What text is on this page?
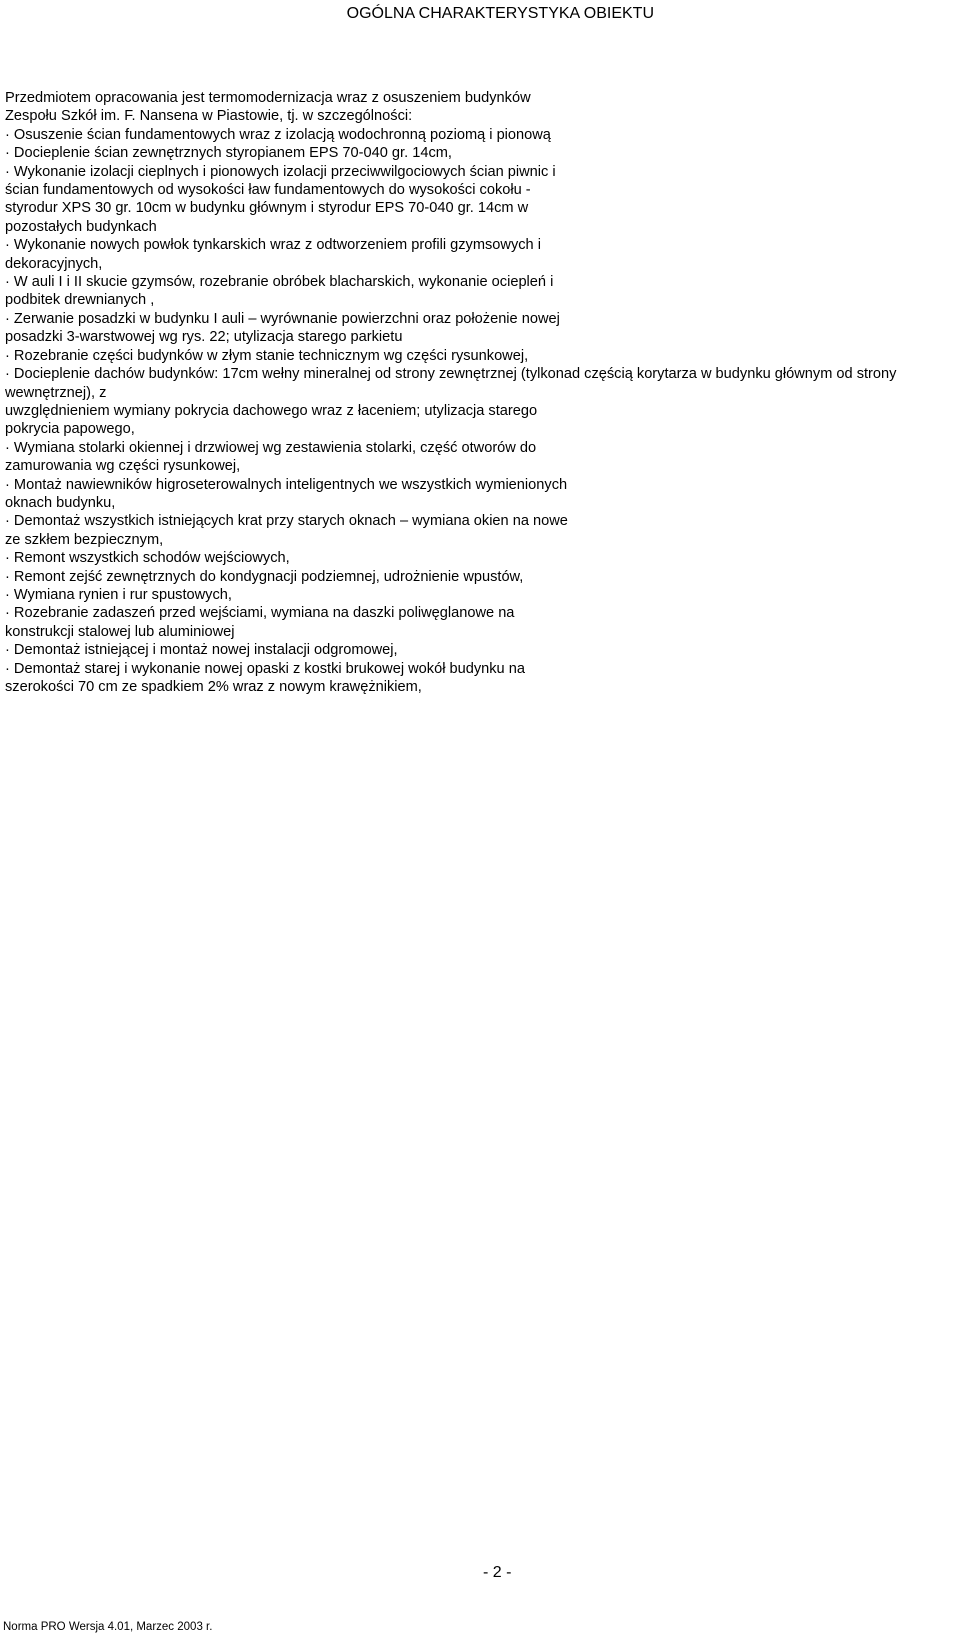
OGÓLNA CHARAKTERYSTYKA OBIEKTU

Przedmiotem opracowania jest termomodernizacja wraz z osuszeniem budynków

Zespołu Szkół im. F. Nansena w Piastowie, tj. w szczególności:

· Osuszenie ścian fundamentowych wraz z izolacją wodochronną poziomą i pionową

· Docieplenie ścian zewnętrznych styropianem EPS 70-040 gr. 14cm,

· Wykonanie izolacji cieplnych i pionowych izolacji przeciwwilgociowych ścian piwnic i

ścian fundamentowych od wysokości ław fundamentowych do wysokości cokołu -

styrodur XPS 30 gr. 10cm w budynku głównym i styrodur EPS 70-040 gr. 14cm w

pozostałych budynkach

· Wykonanie nowych powłok tynkarskich wraz z odtworzeniem profili gzymsowych i

dekoracyjnych,

· W auli I i II skucie gzymsów, rozebranie obróbek blacharskich, wykonanie ociepleń i

podbitek drewnianych ,

· Zerwanie posadzki w budynku I auli – wyrównanie powierzchni oraz położenie nowej

posadzki 3-warstwowej wg rys. 22; utylizacja starego parkietu

· Rozebranie części budynków w złym stanie technicznym wg części rysunkowej,

· Docieplenie dachów budynków: 17cm wełny mineralnej od strony zewnętrznej (tylkonad częścią korytarza w budynku głównym od strony

wewnętrznej), z

uwzględnieniem wymiany pokrycia dachowego wraz z łaceniem; utylizacja starego

pokrycia papowego,

· Wymiana stolarki okiennej i drzwiowej wg zestawienia stolarki, część otworów do

zamurowania wg części rysunkowej,

· Montaż nawiewników higroseterowalnych inteligentnych we wszystkich wymienionych

oknach budynku,

· Demontaż wszystkich istniejących krat przy starych oknach – wymiana okien na nowe

ze szkłem bezpiecznym,

· Remont wszystkich schodów wejściowych,

· Remont zejść zewnętrznych do kondygnacji podziemnej, udrożnienie wpustów,

· Wymiana rynien i rur spustowych,

· Rozebranie zadaszeń przed wejściami, wymiana na daszki poliwęglanowe na

konstrukcji stalowej lub aluminiowej

· Demontaż istniejącej i montaż nowej instalacji odgromowej,

· Demontaż starej i wykonanie nowej opaski z kostki brukowej wokół budynku na

szerokości 70 cm ze spadkiem 2% wraz z nowym krawężnikiem,

- 2 -
Norma PRO Wersja 4.01, Marzec 2003 r.
